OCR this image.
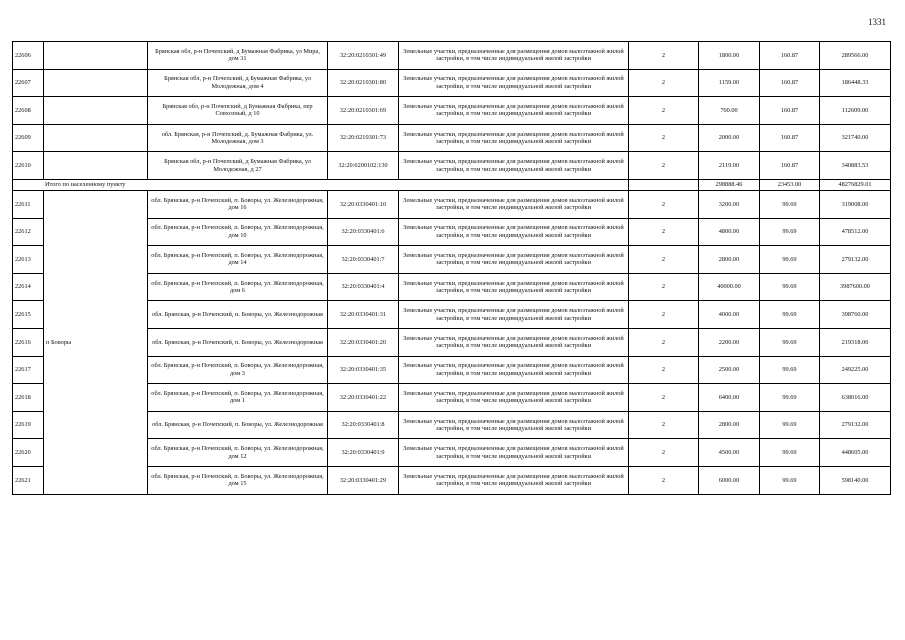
1331
22606		Брянская обл, р-н Почепский, д Бумажная Фабрика, ул Мира, дом 31	32:20:0210301:49	Земельные участки, предназначенные для размещения домов малоэтажной жилой застройки, в том числе индивидуальной жилой застройки	2	1800.00	160.87	289566.00
22607		Брянская обл, р-н Почепский, д Бумажная Фабрика, ул Молодежная, дом 4	32:20:0210301:80	Земельные участки, предназначенные для размещения домов малоэтажной жилой застройки, в том числе индивидуальной жилой застройки	2	1159.00	160.87	186448.33
22608		Брянская обл, р-н Почепский, д Бумажная Фабрика, пер Совхозный, д 10	32:20:0210301:69	Земельные участки, предназначенные для размещения домов малоэтажной жилой застройки, в том числе индивидуальной жилой застройки	2	700.00	160.87	112609.00
22609		обл. Брянская, р-н Почепский, д. Бумажная Фабрика, ул. Молодежная, дом 3	32:20:0210301:73	Земельные участки, предназначенные для размещения домов малоэтажной жилой застройки, в том числе индивидуальной жилой застройки	2	2000.00	160.87	321740.00
22610		Брянская обл, р-н Почепский, д Бумажная Фабрика, ул Молодежная, д 27	32:20:0200102:130	Земельные участки, предназначенные для размещения домов малоэтажной жилой застройки, в том числе индивидуальной жилой застройки	2	2119.00	160.87	340883.53
Итого по населенному пункту						298888.46	23453.00	48276829.01
22611	п Боворы	обл. Брянская, р-н Почепский, п. Боворы, ул. Железнодорожная, дом 16	32:20:0330401:10	Земельные участки, предназначенные для размещения домов малоэтажной жилой застройки, в том числе индивидуальной жилой застройки	2	3200.00	99.69	319008.00
22612		обл. Брянская, р-н Почепский, п. Боворы, ул. Железнодорожная, дом 10	32:20:0330401:6	Земельные участки, предназначенные для размещения домов малоэтажной жилой застройки, в том числе индивидуальной жилой застройки	2	4800.00	99.69	478512.00
22613		обл. Брянская, р-н Почепский, п. Боворы, ул. Железнодорожная, дом 14	32:20:0330401:7	Земельные участки, предназначенные для размещения домов малоэтажной жилой застройки, в том числе индивидуальной жилой застройки	2	2800.00	99.69	279132.00
22614		обл. Брянская, р-н Почепский, п. Боворы, ул. Железнодорожная, дом 6	32:20:0330401:4	Земельные участки, предназначенные для размещения домов малоэтажной жилой застройки, в том числе индивидуальной жилой застройки	2	40000.00	99.69	3987600.00
22615		обл. Брянская, р-н Почепский, п. Боворы, ул. Железнодорожная	32:20:0330401:31	Земельные участки, предназначенные для размещения домов малоэтажной жилой застройки, в том числе индивидуальной жилой застройки	2	4000.00	99.69	398760.00
22616		обл. Брянская, р-н Почепский, п. Боворы, ул. Железнодорожная	32:20:0330401:20	Земельные участки, предназначенные для размещения домов малоэтажной жилой застройки, в том числе индивидуальной жилой застройки	2	2200.00	99.69	219318.00
22617		обл. Брянская, р-н Почепский, п. Боворы, ул. Железнодорожная, дом 3	32:20:0330401:35	Земельные участки, предназначенные для размещения домов малоэтажной жилой застройки, в том числе индивидуальной жилой застройки	2	2500.00	99.69	249225.00
22618		обл. Брянская, р-н Почепский, п. Боворы, ул. Железнодорожная, дом 1	32:20:0330401:22	Земельные участки, предназначенные для размещения домов малоэтажной жилой застройки, в том числе индивидуальной жилой застройки	2	6400.00	99.69	638016.00
22619		обл. Брянская, р-н Почепский, п. Боворы, ул. Железнодорожная	32:20:0330401:8	Земельные участки, предназначенные для размещения домов малоэтажной жилой застройки, в том числе индивидуальной жилой застройки	2	2800.00	99.69	279132.00
22620		обл. Брянская, р-н Почепский, п. Боворы, ул. Железнодорожная, дом 12	32:20:0330401:9	Земельные участки, предназначенные для размещения домов малоэтажной жилой застройки, в том числе индивидуальной жилой застройки	2	4500.00	99.69	448605.00
22621		обл. Брянская, р-н Почепский, п. Боворы, ул. Железнодорожная, дом 15	32:20:0330401:29	Земельные участки, предназначенные для размещения домов малоэтажной жилой застройки, в том числе индивидуальной жилой застройки	2	6000.00	99.69	598140.00
